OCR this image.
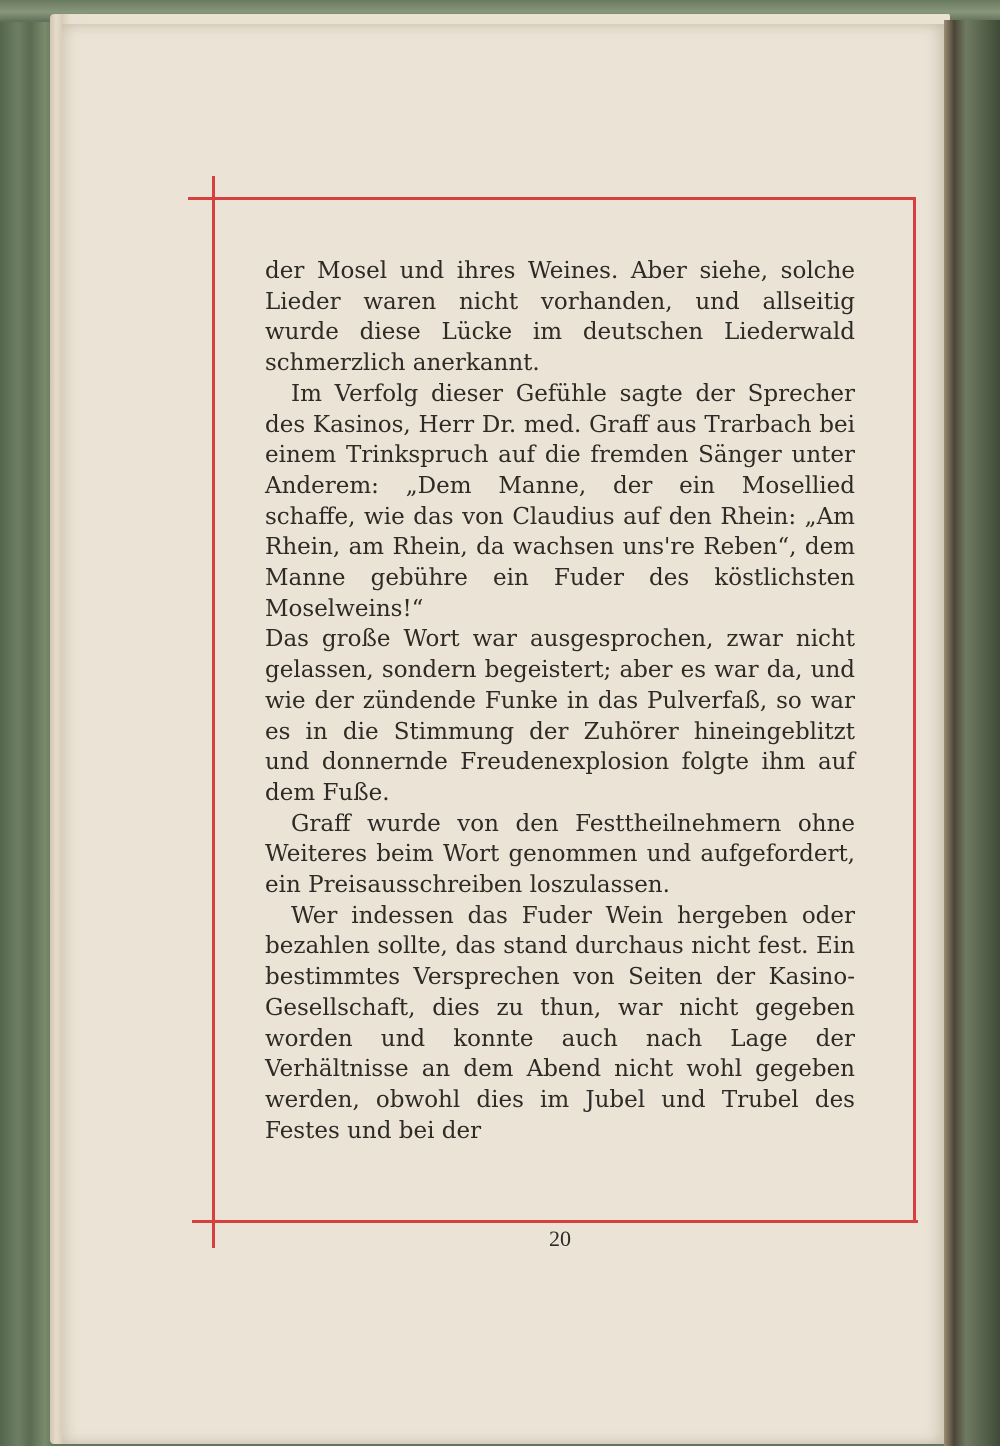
der Mosel und ihres Weines. Aber siehe, solche Lieder waren nicht vorhanden, und allseitig wurde diese Lücke im deutschen Liederwald schmerzlich anerkannt.

Im Verfolg dieser Gefühle sagte der Sprecher des Kasinos, Herr Dr. med. Graff aus Trarbach bei einem Trinkspruch auf die fremden Sänger unter Anderem: „Dem Manne, der ein Mosellied schaffe, wie das von Claudius auf den Rhein: „Am Rhein, am Rhein, da wachsen uns're Reben“, dem Manne gebühre ein Fuder des köstlichsten Moselweins!“

Das große Wort war ausgesprochen, zwar nicht gelassen, sondern begeistert; aber es war da, und wie der zündende Funke in das Pulverfaß, so war es in die Stimmung der Zuhörer hineingeblitzt und donnernde Freudenexplosion folgte ihm auf dem Fuße.

Graff wurde von den Festtheilnehmern ohne Weiteres beim Wort genommen und aufgefordert, ein Preisausschreiben loszulassen.

Wer indessen das Fuder Wein hergeben oder bezahlen sollte, das stand durchaus nicht fest. Ein bestimmtes Versprechen von Seiten der Kasino-Gesellschaft, dies zu thun, war nicht gegeben worden und konnte auch nach Lage der Verhältnisse an dem Abend nicht wohl gegeben werden, obwohl dies im Jubel und Trubel des Festes und bei der

20
